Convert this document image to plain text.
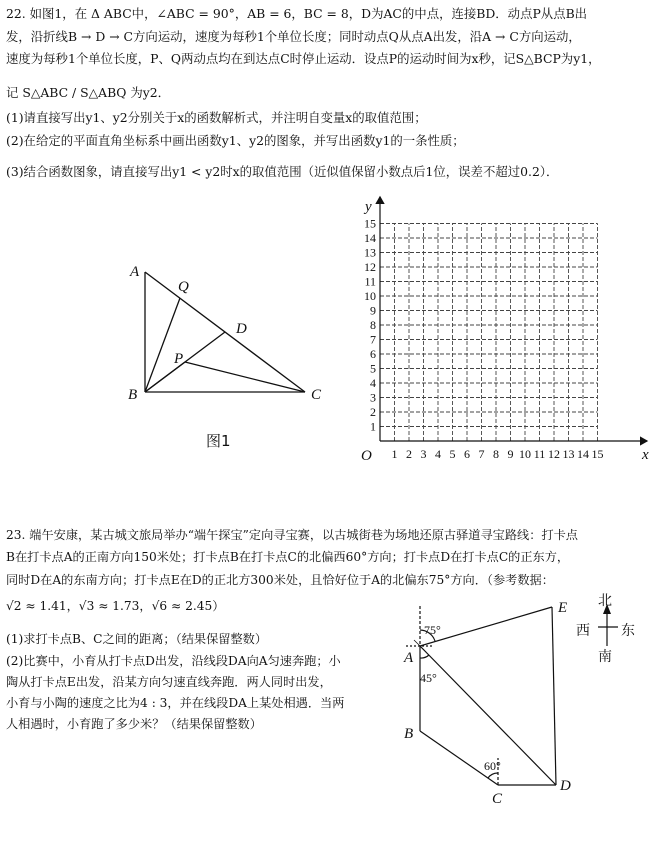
22. 如图1，在 Δ ABC中，∠ABC = 90°，AB = 6，BC = 8，D为AC的中点，连接BD．动点P从点B出
发，沿折线B → D → C方向运动，速度为每秒1个单位长度；同时动点Q从点A出发，沿A → C方向运动，
速度为每秒1个单位长度，P、Q两动点均在到达点C时停止运动．设点P的运动时间为x秒，记S△BCP为y1，
记 S△ABC / S△ABQ 为y2．
(1)请直接写出y1、y2分别关于x的函数解析式，并注明自变量x的取值范围；
(2)在给定的平面直角坐标系中画出函数y1、y2的图象，并写出函数y1的一条性质；
(3)结合函数图象，请直接写出y1 < y2时x的取值范围（近似值保留小数点后1位，误差不超过0.2）．
A
Q
D
P
B	C
图1
y
x
O 1 2 3 4 5 6 7 8 9 10 11 12 13 14 15
1
2
3
4
5
6
7
8
9
10
11
12
13
14
15
23. 端午安康，某古城文旅局举办“端午探宝”定向寻宝赛，以古城街巷为场地还原古驿道寻宝路线：打卡点
B在打卡点A的正南方向150米处；打卡点B在打卡点C的北偏西60°方向；打卡点D在打卡点C的正东方，
同时D在A的东南方向；打卡点E在D的正北方300米处，且恰好位于A的北偏东75°方向．（参考数据：
√2 ≈ 1.41，√3 ≈ 1.73，√6 ≈ 2.45）
(1)求打卡点B、C之间的距离；（结果保留整数）
(2)比赛中，小育从打卡点D出发，沿线段DA向A匀速奔跑；小
陶从打卡点E出发，沿某方向匀速直线奔跑．两人同时出发，
小育与小陶的速度之比为4 : 3，并在线段DA上某处相遇．当两
人相遇时，小育跑了多少米？（结果保留整数）
A
B
C
D
E
75°
45°
60°
北
西 东
南
